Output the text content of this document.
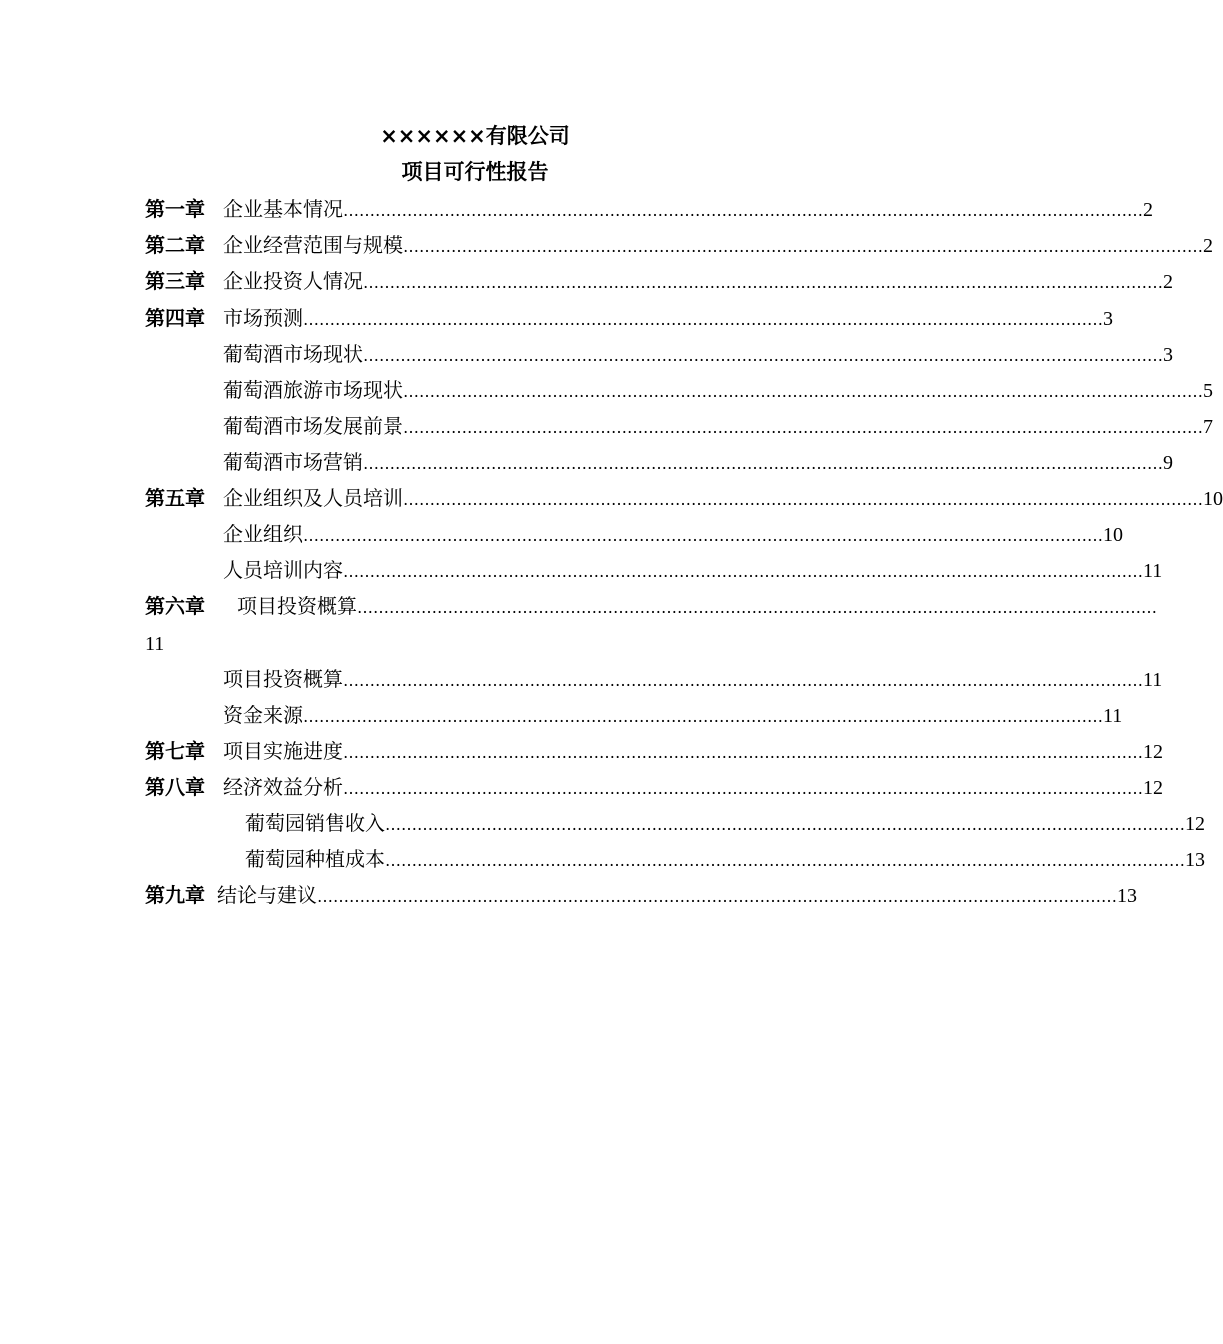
××××××有限公司
项目可行性报告
第一章 企业基本情况 …………………………………………………………………………………………………………………………………… 2
第二章 企业经营范围与规模 …………………………………………………………………………………………………………………………………… 2
第三章 企业投资人情况 …………………………………………………………………………………………………………………………………… 2
第四章 市场预测 …………………………………………………………………………………………………………………………………… 3
葡萄酒市场现状 …………………………………………………………………………………………………………………………………… 3
葡萄酒旅游市场现状 …………………………………………………………………………………………………………………………………… 5
葡萄酒市场发展前景 …………………………………………………………………………………………………………………………………… 7
葡萄酒市场营销 …………………………………………………………………………………………………………………………………… 9
第五章 企业组织及人员培训 …………………………………………………………………………………………………………………………………… 10
企业组织 …………………………………………………………………………………………………………………………………… 10
人员培训内容 …………………………………………………………………………………………………………………………………… 11
第六章	项目投资概算 ……………………………………………………………………………………………………………………………………
11
项目投资概算 …………………………………………………………………………………………………………………………………… 11
资金来源 …………………………………………………………………………………………………………………………………… 11
第七章 项目实施进度 …………………………………………………………………………………………………………………………………… 12
第八章 经济效益分析 …………………………………………………………………………………………………………………………………… 12
葡萄园销售收入 …………………………………………………………………………………………………………………………………… 12
葡萄园种植成本 …………………………………………………………………………………………………………………………………… 13
第九章 结论与建议 …………………………………………………………………………………………………………………………………… 13
